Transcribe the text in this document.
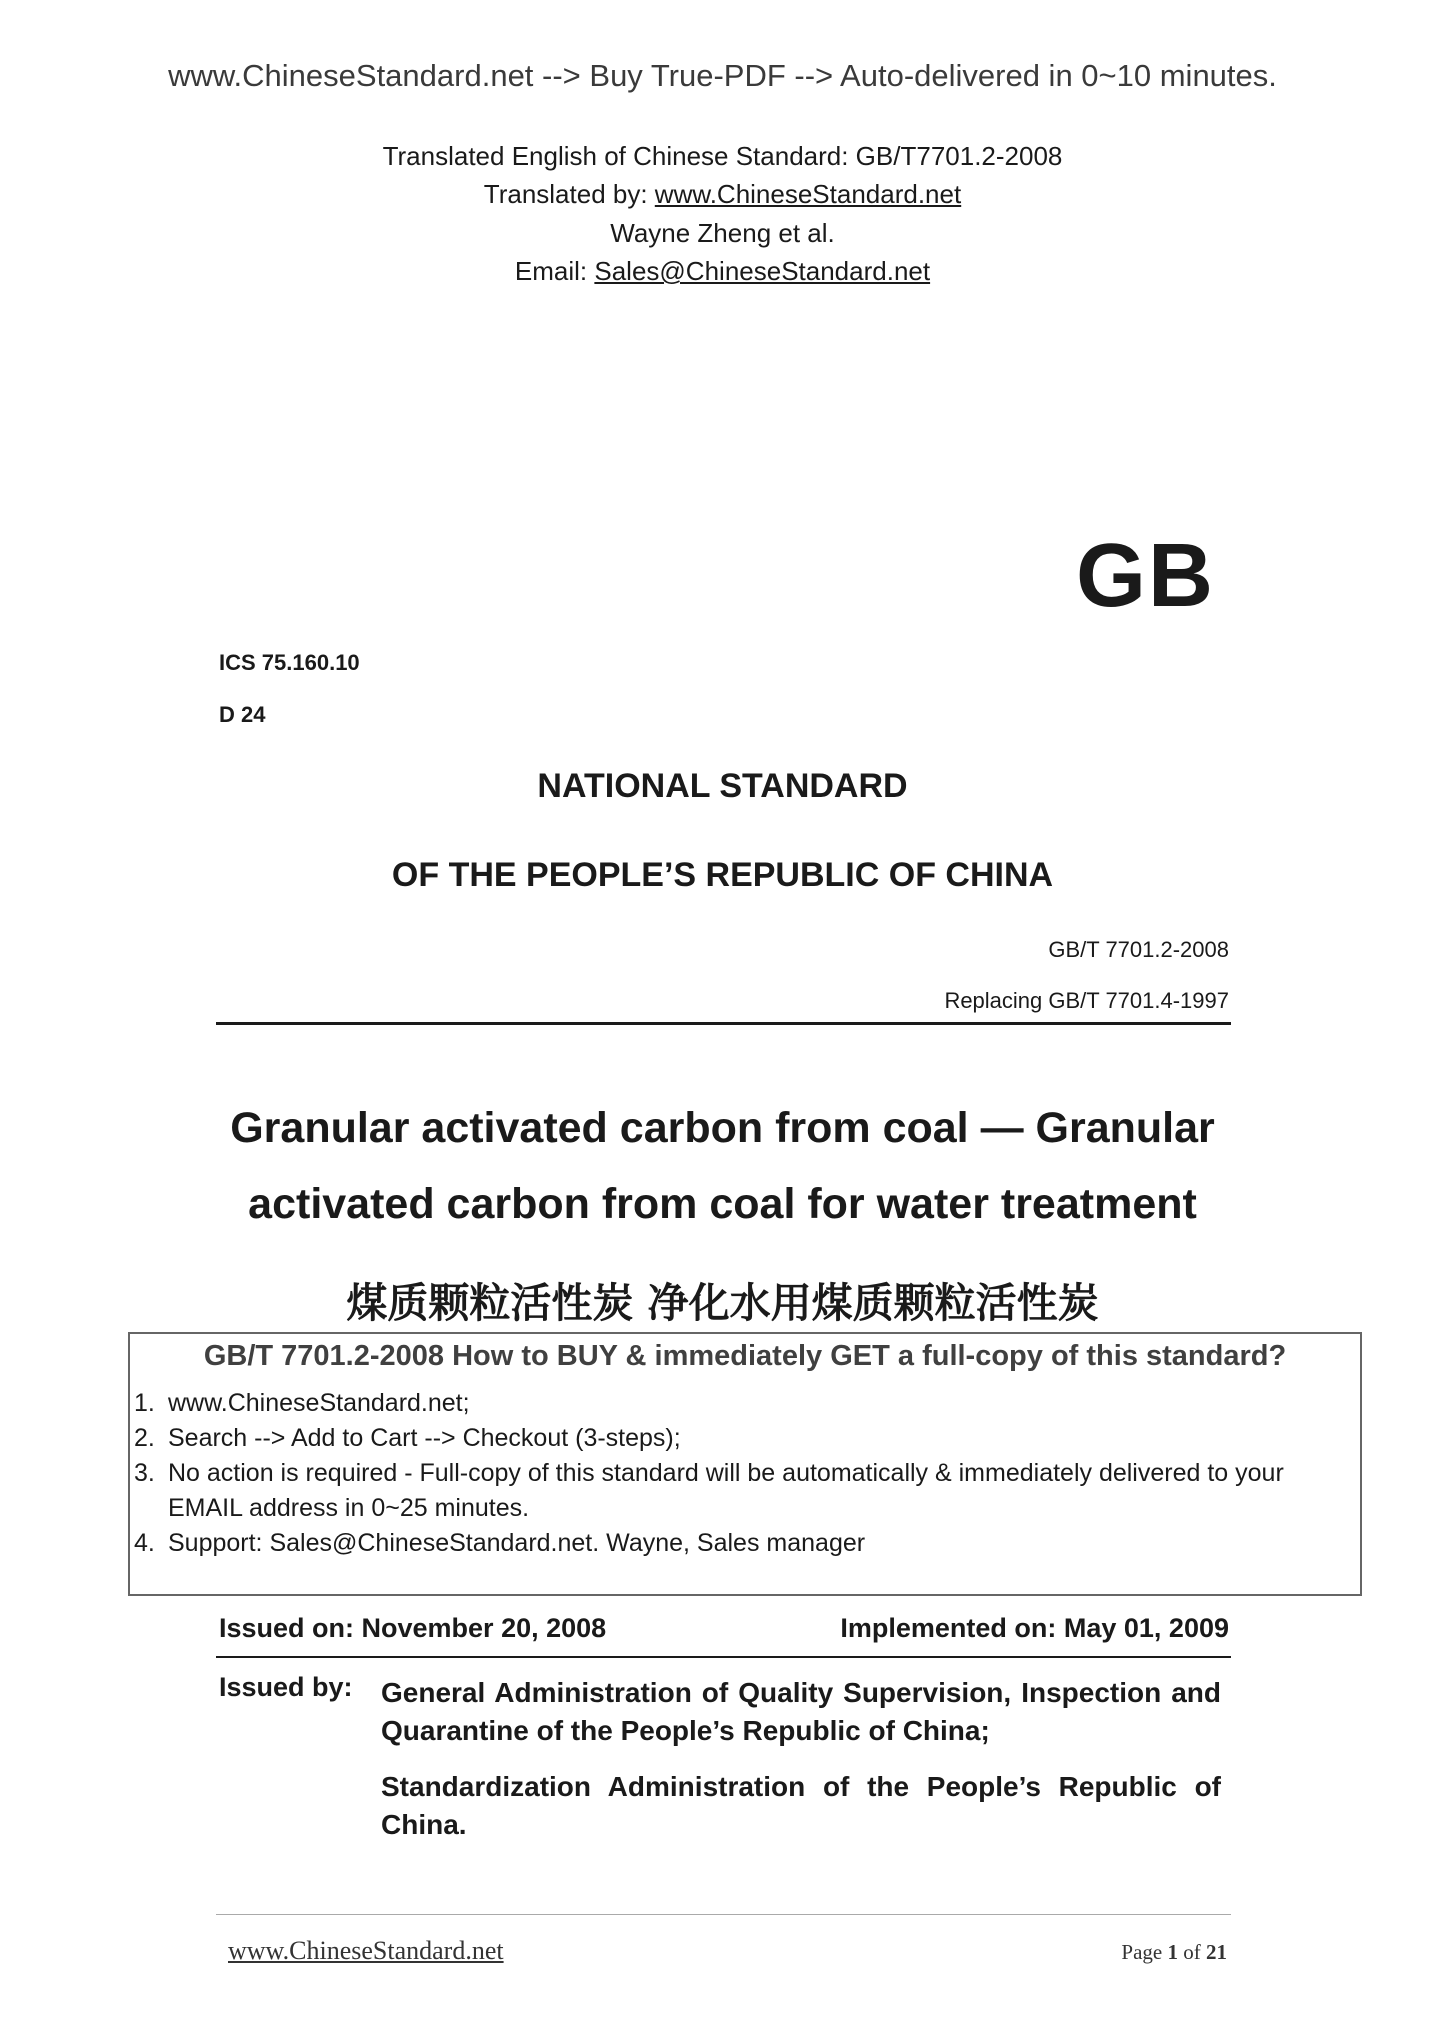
www.ChineseStandard.net --> Buy True-PDF --> Auto-delivered in 0~10 minutes.
Translated English of Chinese Standard: GB/T7701.2-2008
Translated by: www.ChineseStandard.net
Wayne Zheng et al.
Email: Sales@ChineseStandard.net
GB
ICS 75.160.10
D 24
NATIONAL STANDARD
OF THE PEOPLE’S REPUBLIC OF CHINA
GB/T 7701.2-2008
Replacing GB/T 7701.4-1997
Granular activated carbon from coal — Granular
activated carbon from coal for water treatment
煤质颗粒活性炭 净化水用煤质颗粒活性炭
GB/T 7701.2-2008 How to BUY & immediately GET a full-copy of this standard?
1. www.ChineseStandard.net;
2. Search --> Add to Cart --> Checkout (3-steps);
3. No action is required - Full-copy of this standard will be automatically & immediately delivered to your EMAIL address in 0~25 minutes.
4. Support: Sales@ChineseStandard.net. Wayne, Sales manager
Issued on: November 20, 2008	Implemented on: May 01, 2009
Issued by: General Administration of Quality Supervision, Inspection and Quarantine of the People’s Republic of China;
Standardization Administration of the People’s Republic of China.
www.ChineseStandard.net	Page 1 of 21
